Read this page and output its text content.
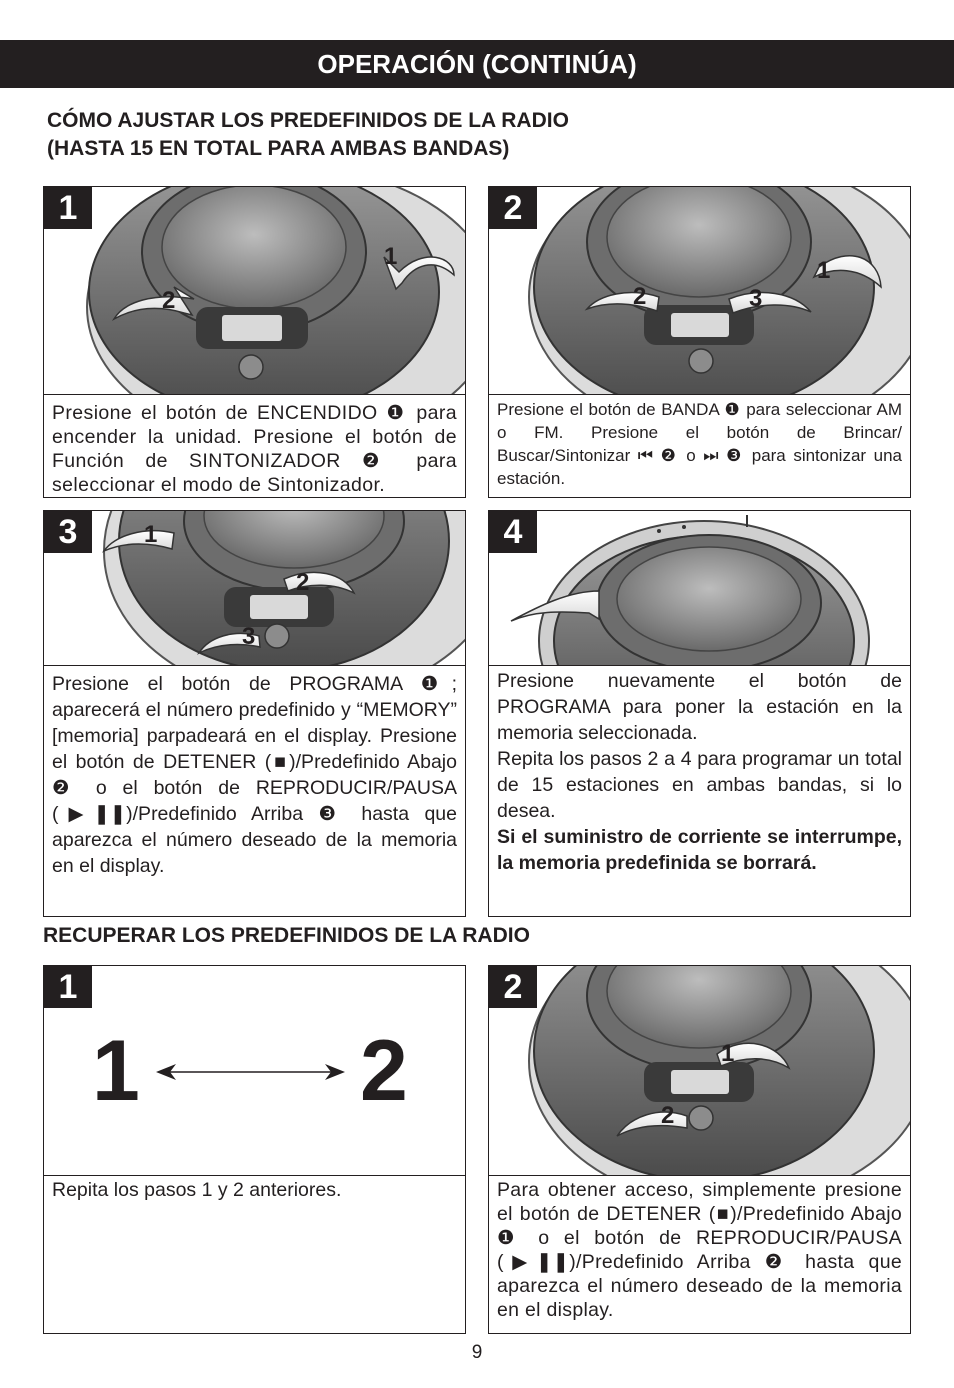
OPERACIÓN (CONTINÚA)
CÓMO AJUSTAR LOS PREDEFINIDOS DE LA RADIO
(HASTA 15 EN TOTAL PARA AMBAS BANDAS)
1
1
2
Presione el botón de ENCENDIDO ❶ para encender la unidad. Presione el botón de Función de SINTONIZADOR ❷ para seleccionar el modo de Sintonizador.
2
1
2	3
Presione el botón de BANDA ❶ para seleccionar AM o FM. Presione el botón de Brincar/ Buscar/Sintonizar ⏮ ❷ o ⏭ ❸ para sintonizar una estación.
3	1
2
3
Presione el botón de PROGRAMA ❶; aparecerá el número predefinido y “MEMORY” [memoria] parpadeará en el display. Presione el botón de DETENER (■)/Predefinido Abajo ❷ o el botón de REPRODUCIR/PAUSA (▶❚❚)/Predefinido Arriba ❸ hasta que aparezca el número deseado de la memoria en el display.
4

Presione nuevamente el botón de PROGRAMA para poner la estación en la memoria seleccionada.

Repita los pasos 2 a 4 para programar un total de 15 estaciones en ambas bandas, si lo desea.

Si el suministro de corriente se interrumpe, la memoria predefinida se borrará.

RECUPERAR LOS PREDEFINIDOS DE LA RADIO
1
1	2
Repita los pasos 1 y 2 anteriores.
2
1
2
Para obtener acceso, simplemente presione el botón de DETENER (■)/Predefinido Abajo ❶ o el botón de REPRODUCIR/PAUSA (▶❚❚)/Predefinido Arriba ❷ hasta que aparezca el número deseado de la memoria en el display.
9
